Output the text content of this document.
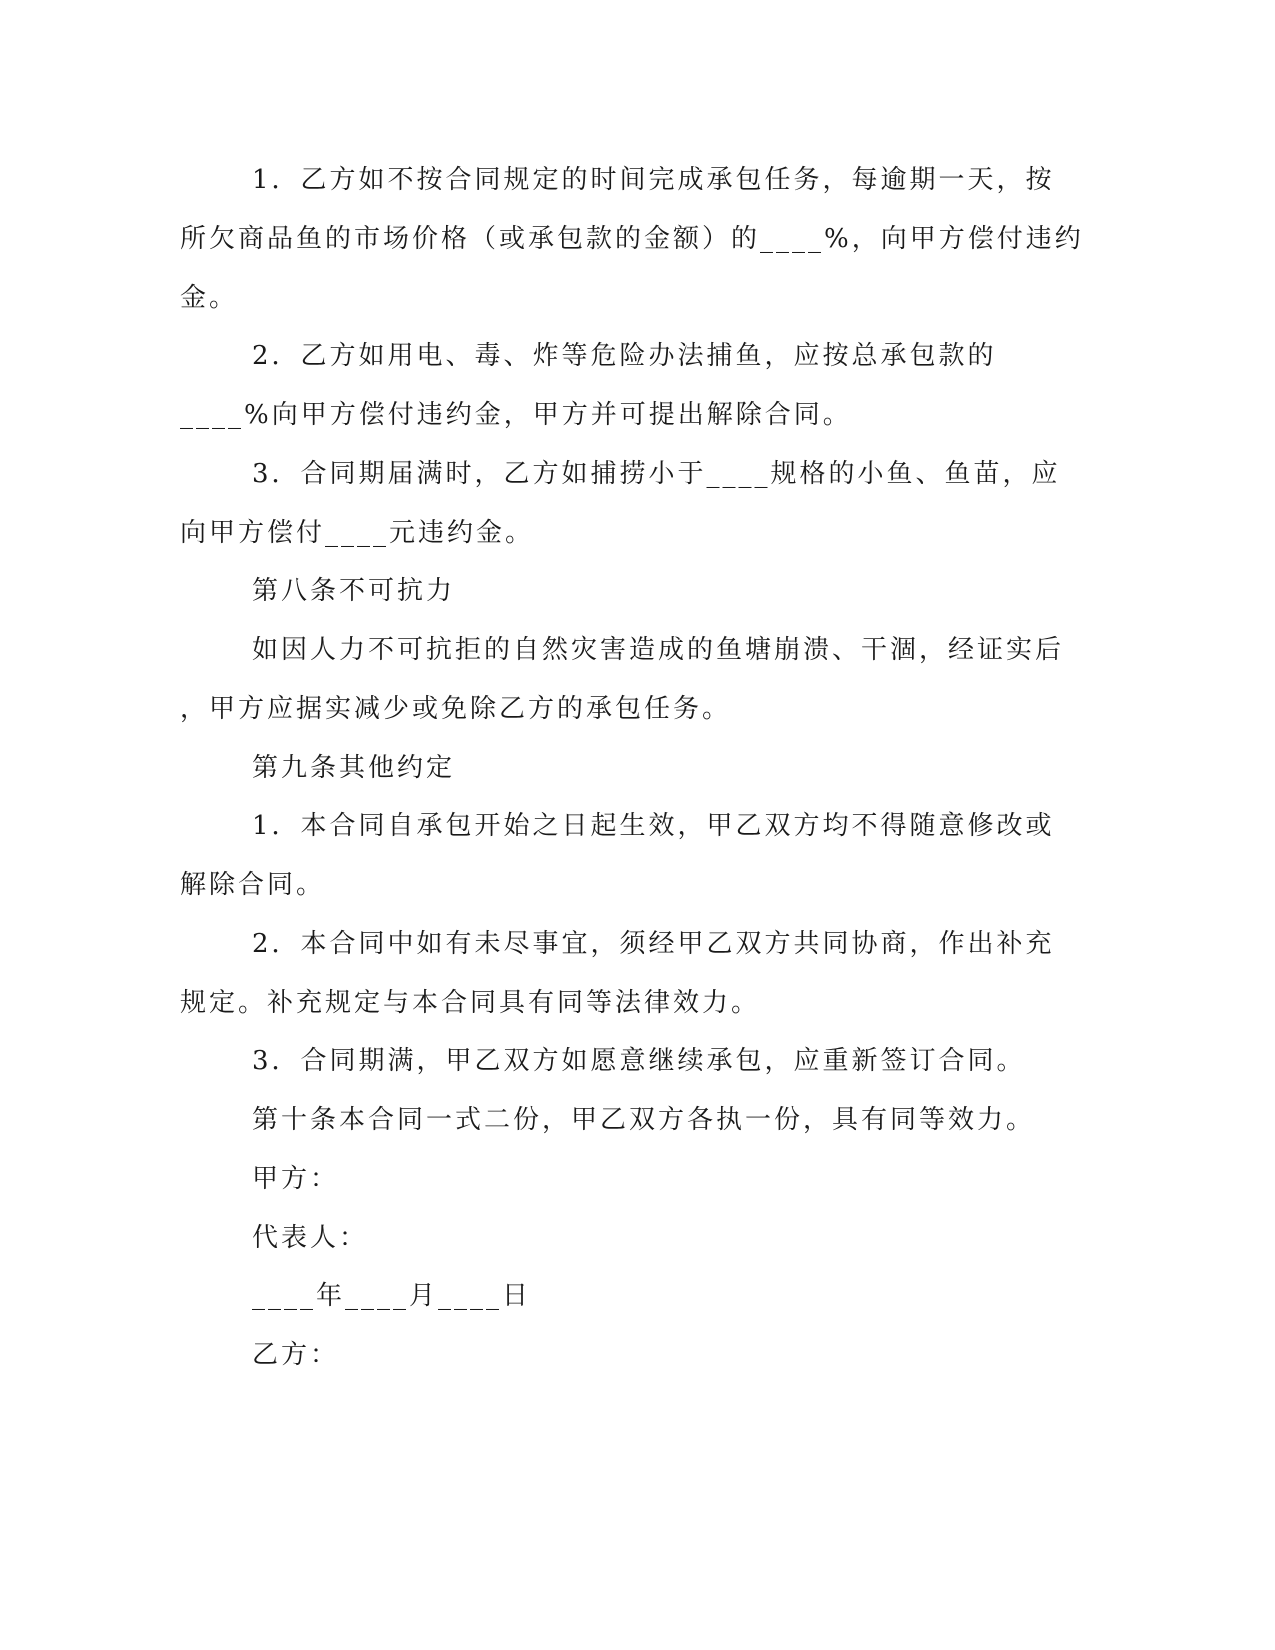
1．乙方如不按合同规定的时间完成承包任务，每逾期一天，按
所欠商品鱼的市场价格（或承包款的金额）的____%，向甲方偿付违约
金。
2．乙方如用电、毒、炸等危险办法捕鱼，应按总承包款的
____%向甲方偿付违约金，甲方并可提出解除合同。
3．合同期届满时，乙方如捕捞小于____规格的小鱼、鱼苗，应
向甲方偿付____元违约金。
第八条不可抗力
如因人力不可抗拒的自然灾害造成的鱼塘崩溃、干涸，经证实后
，甲方应据实减少或免除乙方的承包任务。
第九条其他约定
1．本合同自承包开始之日起生效，甲乙双方均不得随意修改或
解除合同。
2．本合同中如有未尽事宜，须经甲乙双方共同协商，作出补充
规定。补充规定与本合同具有同等法律效力。
3．合同期满，甲乙双方如愿意继续承包，应重新签订合同。
第十条本合同一式二份，甲乙双方各执一份，具有同等效力。
甲方：
代表人：
____年____月____日
乙方：
